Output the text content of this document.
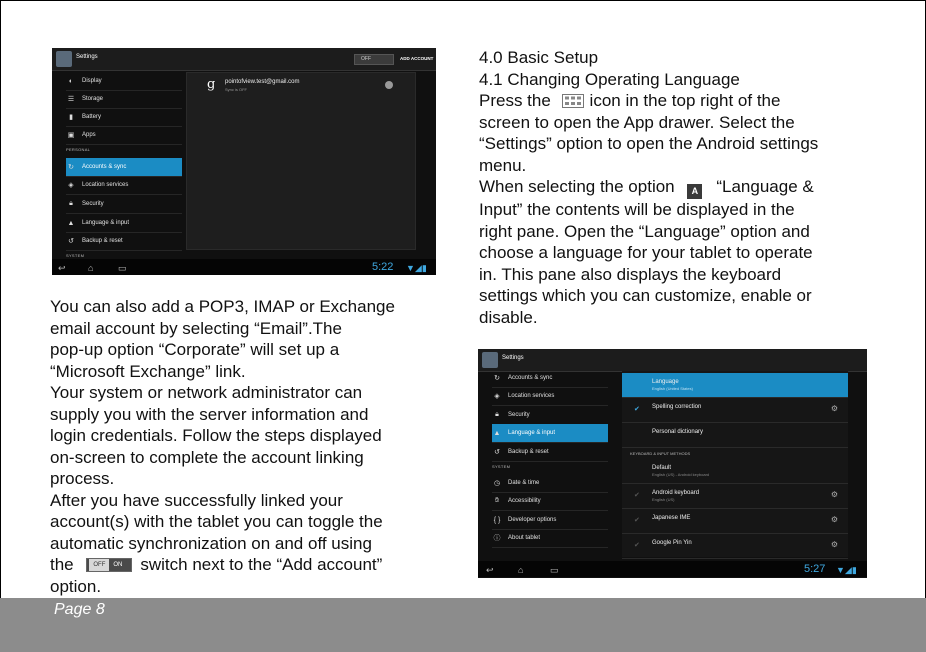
Settings	OFF	ADD ACCOUNT
◐	Display
☰	Storage
▮	Battery
▣ Apps
PERSONAL
↻	Accounts & sync
◈	Location services
🔒︎	Security
▲ Language & input
↺	Backup & reset
SYSTEM
g pointofview.test@gmail.com
Sync is OFF
↩ ⌂	▭	5:22 ▼◢▮
Settings
↻	Accounts & sync
◈	Location services
🔒︎	Security
▲ Language & input
↺	Backup & reset
SYSTEM
◷	Date & time
✋︎	Accessibility
{ } Developer options
ⓘ About tablet
Language
English (United States)
✔ Spelling correction	⚙
Personal dictionary
KEYBOARD & INPUT METHODS
Default
English (US) - Android keyboard
✔ Android keyboard
English (US)
⚙
✔ Japanese IME	⚙
✔ Google Pin Yin	⚙
↩	⌂	▭	5:27 ▼◢▮

You can also add a POP3, IMAP or Exchange

email account by selecting “Email”.The

pop-up option “Corporate” will set up a

“Microsoft Exchange” link.

Your system or network administrator can

supply you with the server information and

login credentials. Follow the steps displayed

on-screen to complete the account linking

process.

After you have successfully linked your

account(s) with the tablet you can toggle the

automatic synchronization on and off using

the	OFF	ON switch next to the “Add account”

option.

4.0 Basic Setup

4.1 Changing Operating Language

Press the icon in the top right of the

screen to open the App drawer. Select the

“Settings” option to open the Android settings

menu.

When selecting the option A “Language &

Input” the contents will be displayed in the

right pane. Open the “Language” option and

choose a language for your tablet to operate

in. This pane also displays the keyboard

settings which you can customize, enable or

disable.

Page 8
